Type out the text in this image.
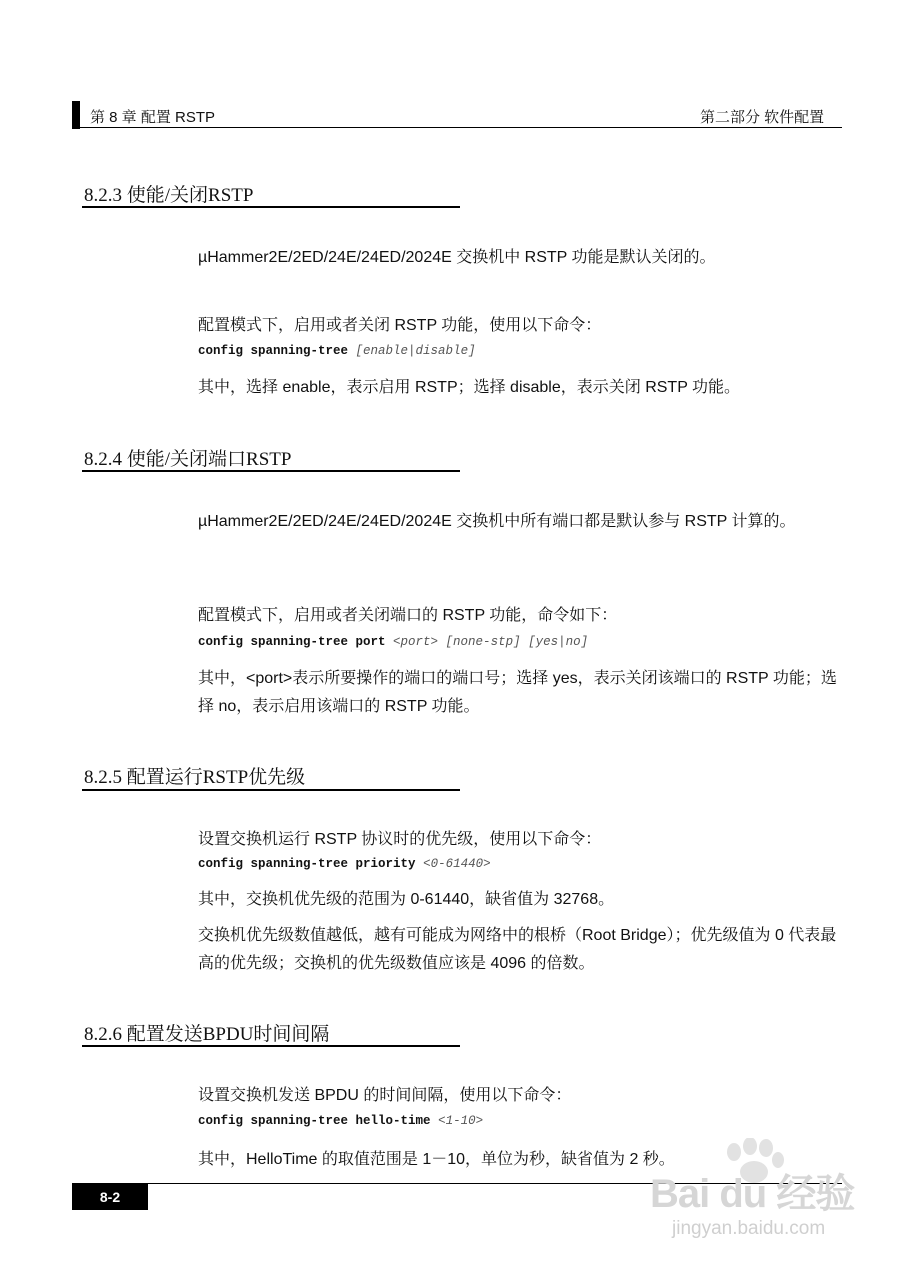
第 8 章 配置 RSTP	第二部分 软件配置
8.2.3 使能/关闭RSTP
µHammer2E/2ED/24E/24ED/2024E 交换机中 RSTP 功能是默认关闭的。
配置模式下，启用或者关闭 RSTP 功能，使用以下命令：
config spanning-tree [enable|disable]
其中，选择 enable，表示启用 RSTP；选择 disable，表示关闭 RSTP 功能。
8.2.4 使能/关闭端口RSTP
µHammer2E/2ED/24E/24ED/2024E 交换机中所有端口都是默认参与 RSTP 计算的。
配置模式下，启用或者关闭端口的 RSTP 功能，命令如下：
config spanning-tree port <port> [none-stp] [yes|no]
其中，<port>表示所要操作的端口的端口号；选择 yes，表示关闭该端口的 RSTP 功能；选择 no，表示启用该端口的 RSTP 功能。
8.2.5 配置运行RSTP优先级
设置交换机运行 RSTP 协议时的优先级，使用以下命令：
config spanning-tree priority <0-61440>
其中，交换机优先级的范围为 0-61440，缺省值为 32768。
交换机优先级数值越低，越有可能成为网络中的根桥（Root Bridge）；优先级值为 0 代表最高的优先级；交换机的优先级数值应该是 4096 的倍数。
8.2.6 配置发送BPDU时间间隔
设置交换机发送 BPDU 的时间间隔，使用以下命令：
config spanning-tree hello-time <1-10>
其中，HelloTime 的取值范围是 1－10，单位为秒，缺省值为 2 秒。
8-2	Bai du 经验
jingyan.baidu.com
